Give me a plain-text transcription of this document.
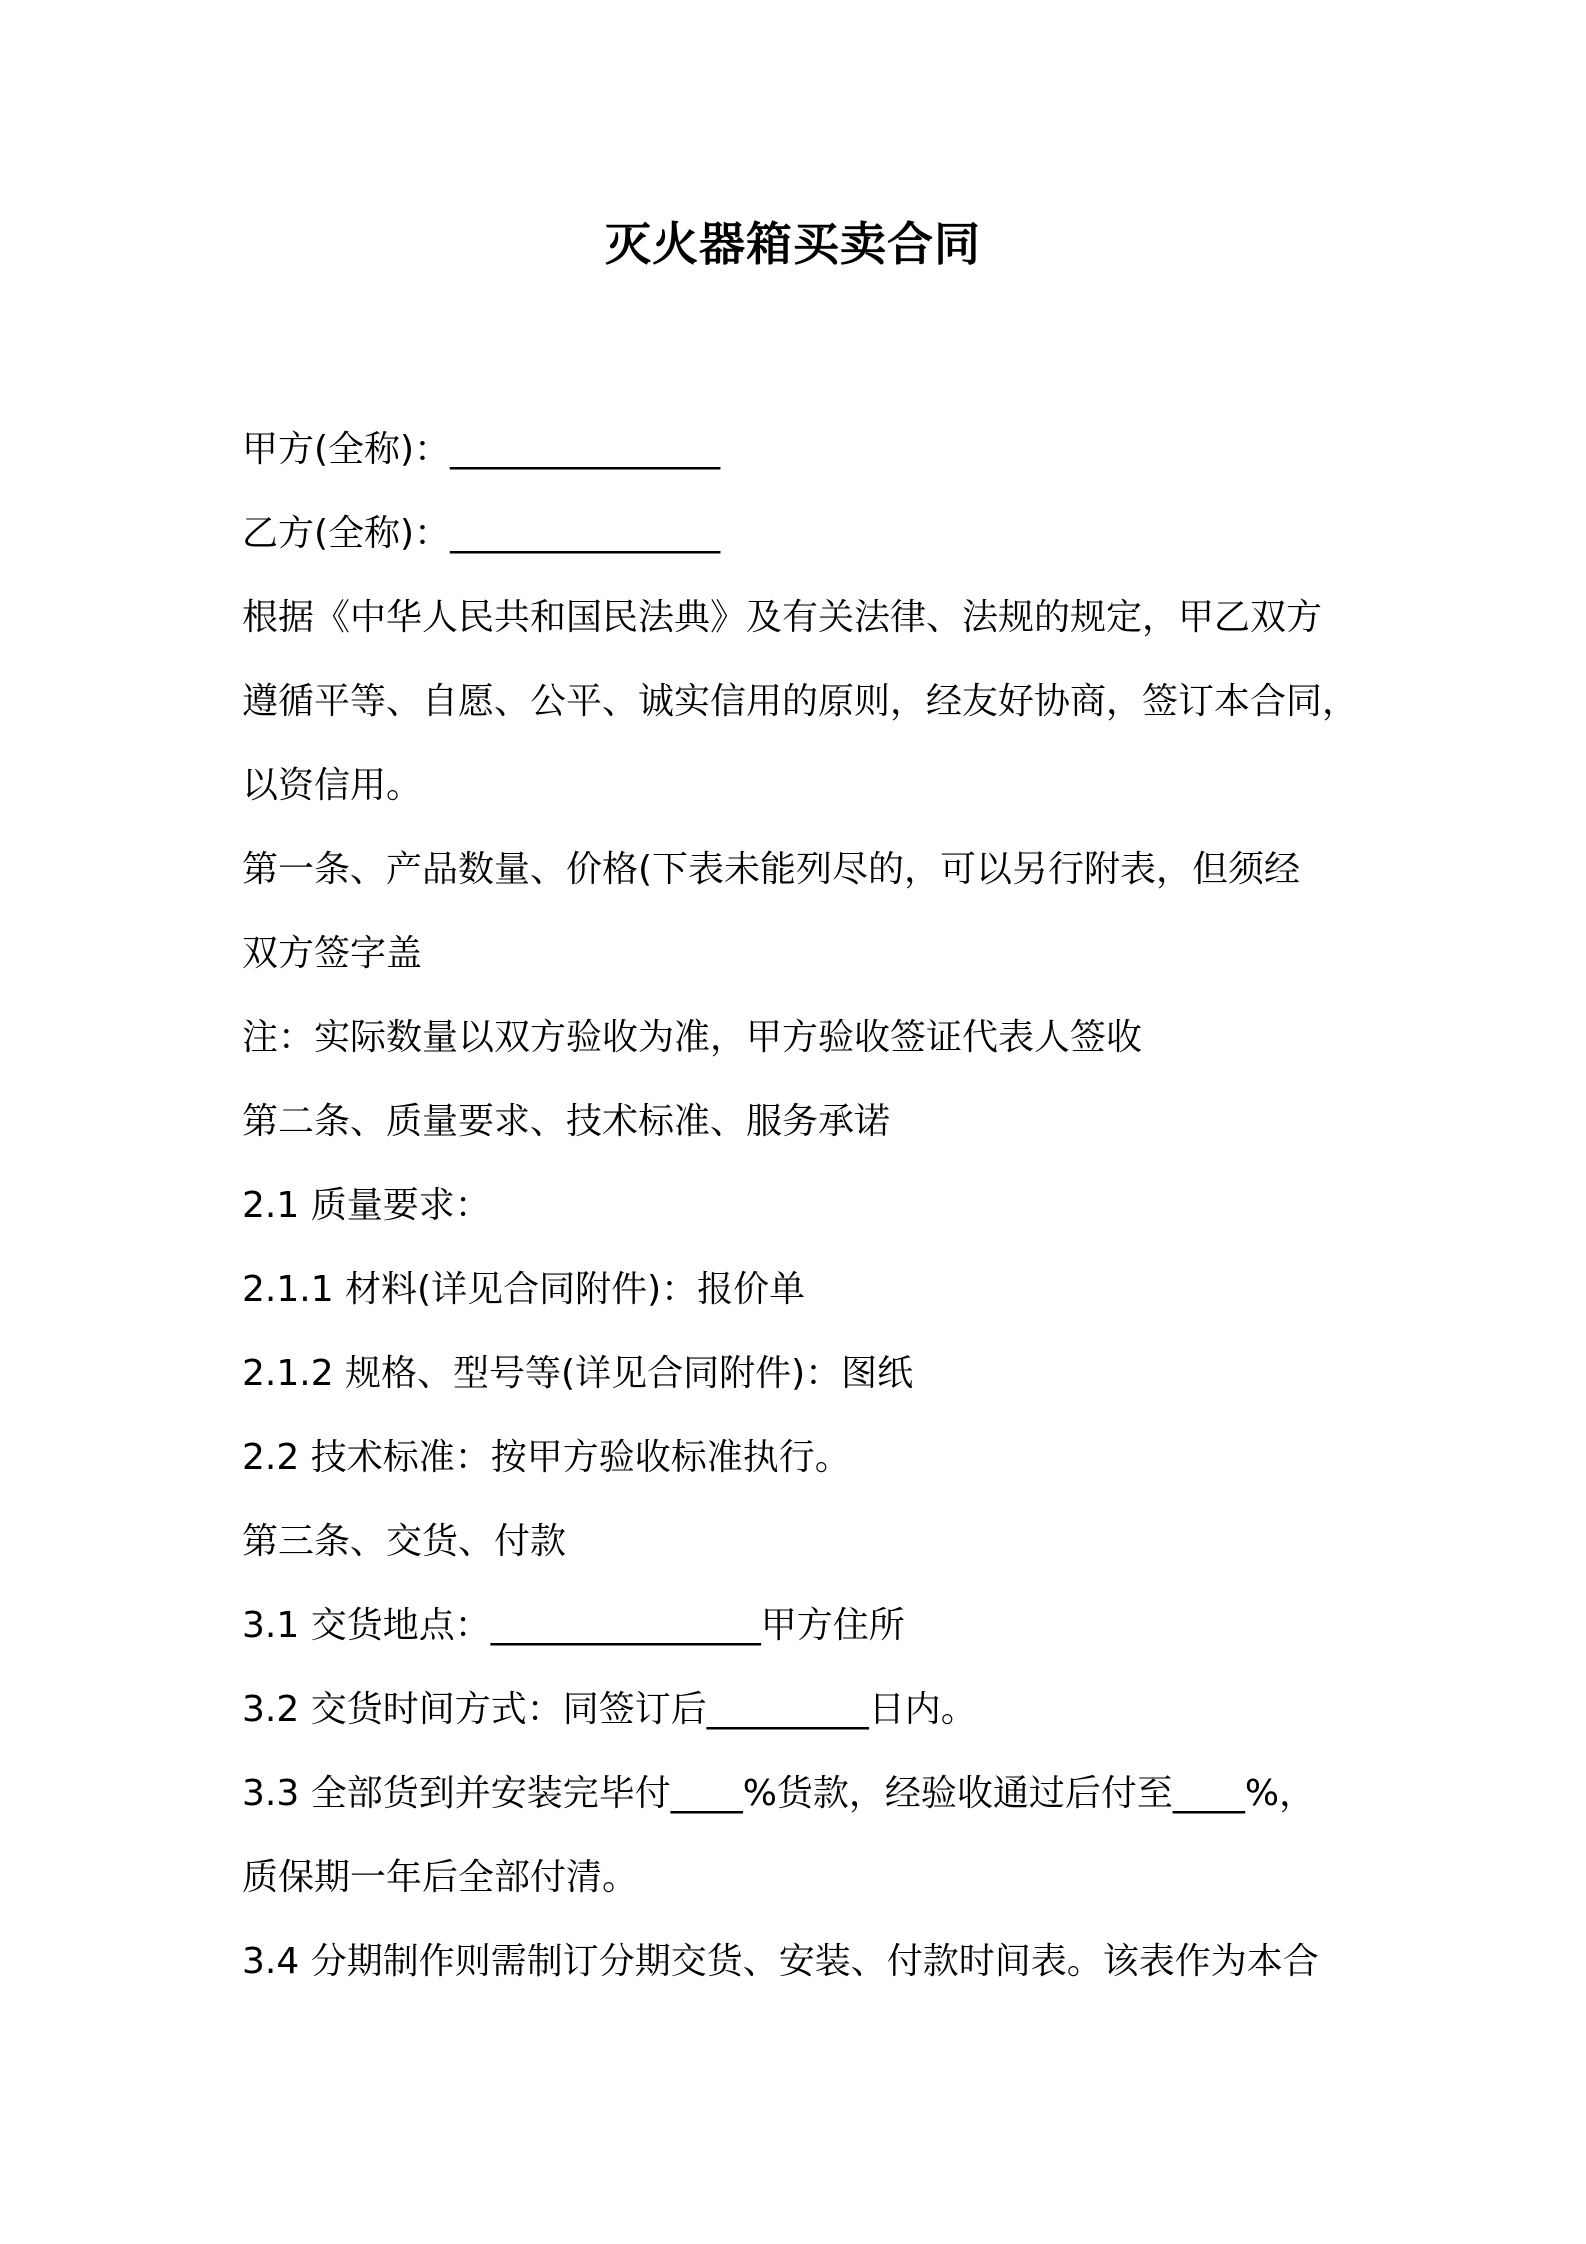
灭火器箱买卖合同
甲方(全称)：_______________
乙方(全称)：_______________
根据《中华人民共和国民法典》及有关法律、法规的规定，甲乙双方
遵循平等、自愿、公平、诚实信用的原则，经友好协商，签订本合同，
以资信用。
第一条、产品数量、价格(下表未能列尽的，可以另行附表，但须经
双方签字盖
注：实际数量以双方验收为准，甲方验收签证代表人签收
第二条、质量要求、技术标准、服务承诺
2.1 质量要求：
2.1.1 材料(详见合同附件)：报价单
2.1.2 规格、型号等(详见合同附件)：图纸
2.2 技术标准：按甲方验收标准执行。
第三条、交货、付款
3.1 交货地点：_______________甲方住所
3.2 交货时间方式：同签订后_________日内。
3.3 全部货到并安装完毕付____%货款，经验收通过后付至____%，
质保期一年后全部付清。
3.4 分期制作则需制订分期交货、安装、付款时间表。该表作为本合
